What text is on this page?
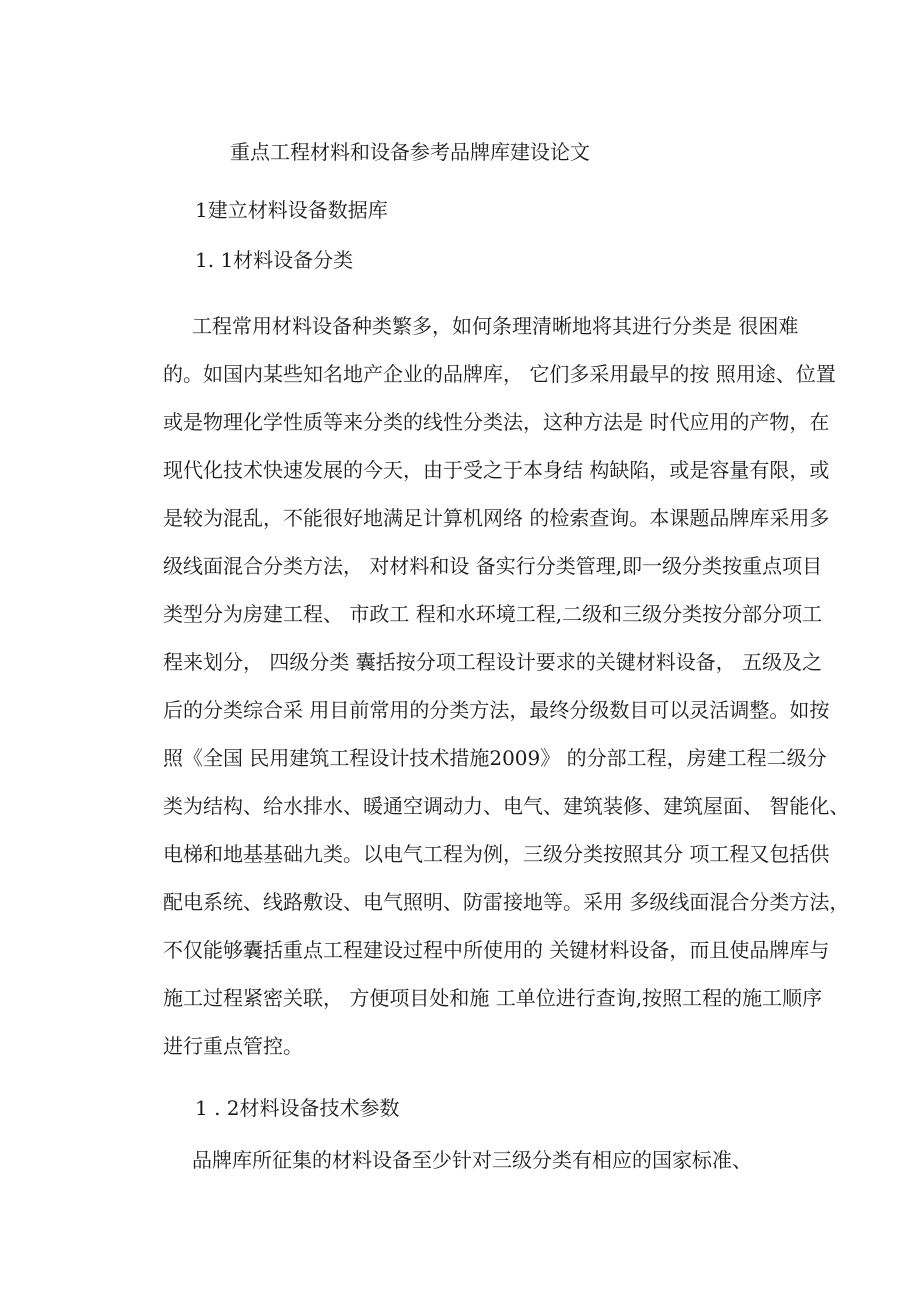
重点工程材料和设备参考品牌库建设论文
1建立材料设备数据库
1. 1材料设备分类
工程常用材料设备种类繁多，如何条理清晰地将其进行分类是 很困难
的。如国内某些知名地产企业的品牌库， 它们多采用最早的按 照用途、位置
或是物理化学性质等来分类的线性分类法，这种方法是 时代应用的产物，在
现代化技术快速发展的今天，由于受之于本身结 构缺陷，或是容量有限，或
是较为混乱，不能很好地满足计算机网络 的检索查询。本课题品牌库采用多
级线面混合分类方法， 对材料和设 备实行分类管理,即一级分类按重点项目
类型分为房建工程、 市政工 程和水环境工程,二级和三级分类按分部分项工
程来划分， 四级分类 囊括按分项工程设计要求的关键材料设备， 五级及之
后的分类综合采 用目前常用的分类方法，最终分级数目可以灵活调整。如按
照《全国 民用建筑工程设计技术措施2009》 的分部工程，房建工程二级分
类为结构、给水排水、暖通空调动力、电气、建筑装修、建筑屋面、 智能化、
电梯和地基基础九类。以电气工程为例，三级分类按照其分 项工程又包括供
配电系统、线路敷设、电气照明、防雷接地等。采用 多级线面混合分类方法，
不仅能够囊括重点工程建设过程中所使用的 关键材料设备，而且使品牌库与
施工过程紧密关联， 方便项目处和施 工单位进行查询,按照工程的施工顺序
进行重点管控。
1 . 2材料设备技术参数
品牌库所征集的材料设备至少针对三级分类有相应的国家标准、
